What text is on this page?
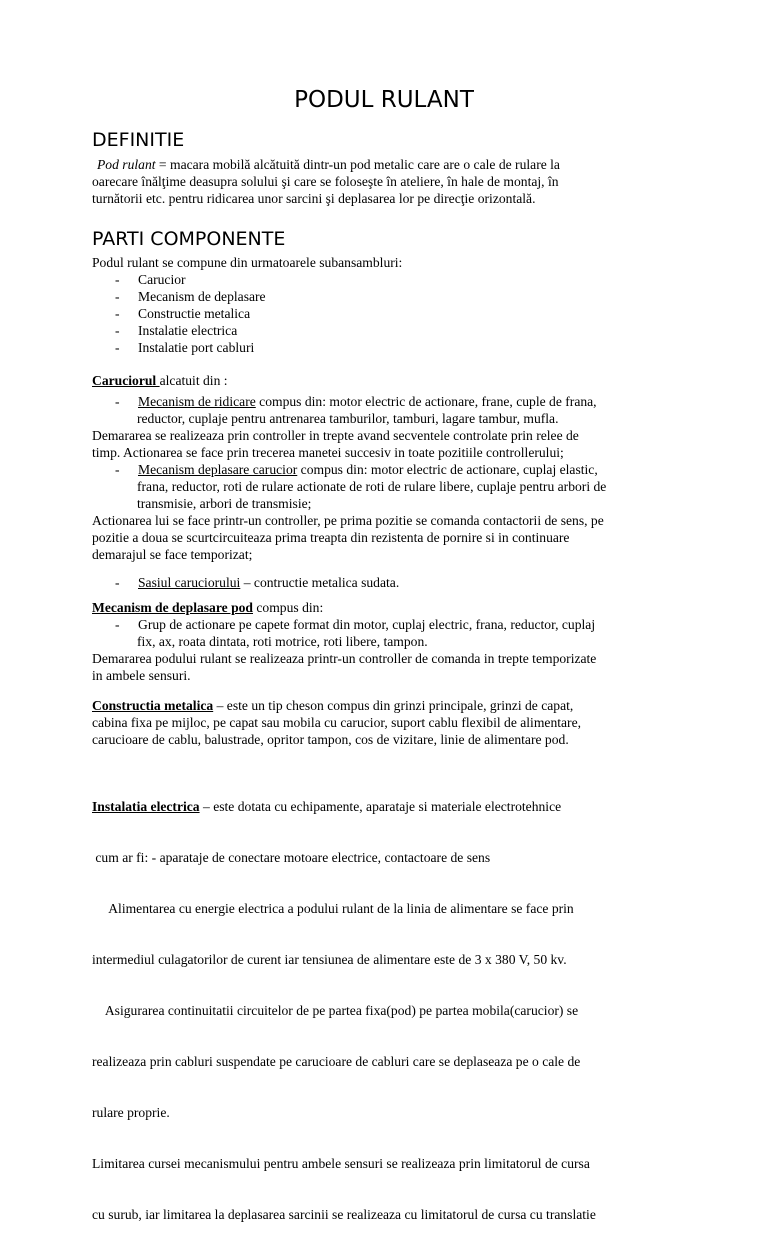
PODUL RULANT
DEFINITIE
Pod rulant = macara mobilă alcătuită dintr-un pod metalic care are o cale de rulare la
oarecare înălţime deasupra solului şi care se foloseşte în ateliere, în hale de montaj, în
turnătorii etc. pentru ridicarea unor sarcini şi deplasarea lor pe direcţie orizontală.
PARTI COMPONENTE
Podul rulant se compune din urmatoarele subansambluri:
- Carucior
- Mecanism de deplasare
- Constructie metalica
- Instalatie electrica
- Instalatie port cabluri
Caruciorul alcatuit din :
- Mecanism de ridicare compus din: motor electric de actionare, frane, cuple de frana,
reductor, cuplaje pentru antrenarea tamburilor, tamburi, lagare tambur, mufla.
Demararea se realizeaza prin controller in trepte avand secventele controlate prin relee de
timp. Actionarea se face prin trecerea manetei succesiv in toate pozitiile controllerului;
- Mecanism deplasare carucior compus din: motor electric de actionare, cuplaj elastic,
frana, reductor, roti de rulare actionate de roti de rulare libere, cuplaje pentru arbori de
transmisie, arbori de transmisie;
Actionarea lui se face printr-un controller, pe prima pozitie se comanda contactorii de sens, pe
pozitie a doua se scurtcircuiteaza prima treapta din rezistenta de pornire si in continuare
demarajul se face temporizat;
- Sasiul caruciorului – contructie metalica sudata.
Mecanism de deplasare pod compus din:
- Grup de actionare pe capete format din motor, cuplaj electric, frana, reductor, cuplaj
fix, ax, roata dintata, roti motrice, roti libere, tampon.
Demararea podului rulant se realizeaza printr-un controller de comanda in trepte temporizate
in ambele sensuri.
Constructia metalica – este un tip cheson compus din grinzi principale, grinzi de capat,
cabina fixa pe mijloc, pe capat sau mobila cu carucior, suport cablu flexibil de alimentare,
carucioare de cablu, balustrade, opritor tampon, cos de vizitare, linie de alimentare pod.

Instalatia electrica – este dotata cu echipamente, aparataje si materiale electrotehnice

cum ar fi: - aparataje de conectare motoare electrice, contactoare de sens

Alimentarea cu energie electrica a podului rulant de la linia de alimentare se face prin

intermediul culagatorilor de curent iar tensiunea de alimentare este de 3 x 380 V, 50 kv.

Asigurarea continuitatii circuitelor de pe partea fixa(pod) pe partea mobila(carucior) se

realizeaza prin cabluri suspendate pe carucioare de cabluri care se deplaseaza pe o cale de

rulare proprie.

Limitarea cursei mecanismului pentru ambele sensuri se realizeaza prin limitatorul de cursa

cu surub, iar limitarea la deplasarea sarcinii se realizeaza cu limitatorul de cursa cu translatie
